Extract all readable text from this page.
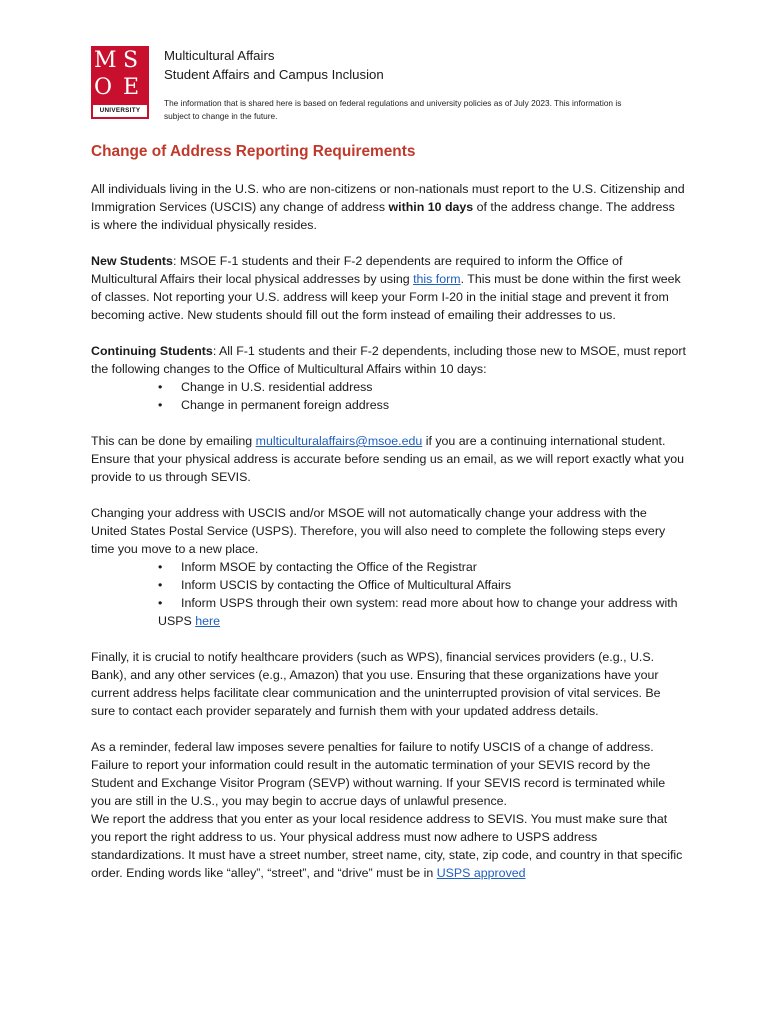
M S
O E
UNIVERSITY
Multicultural Affairs
Student Affairs and Campus Inclusion
The information that is shared here is based on federal regulations and university policies as of July 2023. This information is subject to change in the future.
Change of Address Reporting Requirements

All individuals living in the U.S. who are non-citizens or non-nationals must report to the U.S. Citizenship and Immigration Services (USCIS) any change of address within 10 days of the address change. The address is where the individual physically resides.

New Students: MSOE F-1 students and their F-2 dependents are required to inform the Office of Multicultural Affairs their local physical addresses by using this form. This must be done within the first week of classes. Not reporting your U.S. address will keep your Form I-20 in the initial stage and prevent it from becoming active. New students should fill out the form instead of emailing their addresses to us.

Continuing Students: All F-1 students and their F-2 dependents, including those new to MSOE, must report the following changes to the Office of Multicultural Affairs within 10 days:

• Change in U.S. residential address
• Change in permanent foreign address

This can be done by emailing multiculturalaffairs@msoe.edu if you are a continuing international student. Ensure that your physical address is accurate before sending us an email, as we will report exactly what you provide to us through SEVIS.

Changing your address with USCIS and/or MSOE will not automatically change your address with the United States Postal Service (USPS). Therefore, you will also need to complete the following steps every time you move to a new place.

• Inform MSOE by contacting the Office of the Registrar
• Inform USCIS by contacting the Office of Multicultural Affairs
• Inform USPS through their own system: read more about how to change your address with USPS here

Finally, it is crucial to notify healthcare providers (such as WPS), financial services providers (e.g., U.S. Bank), and any other services (e.g., Amazon) that you use. Ensuring that these organizations have your current address helps facilitate clear communication and the uninterrupted provision of vital services. Be sure to contact each provider separately and furnish them with your updated address details.

As a reminder, federal law imposes severe penalties for failure to notify USCIS of a change of address. Failure to report your information could result in the automatic termination of your SEVIS record by the Student and Exchange Visitor Program (SEVP) without warning. If your SEVIS record is terminated while you are still in the U.S., you may begin to accrue days of unlawful presence.

We report the address that you enter as your local residence address to SEVIS. You must make sure that you report the right address to us. Your physical address must now adhere to USPS address standardizations. It must have a street number, street name, city, state, zip code, and country in that specific order. Ending words like “alley”, “street”, and “drive” must be in USPS approved
